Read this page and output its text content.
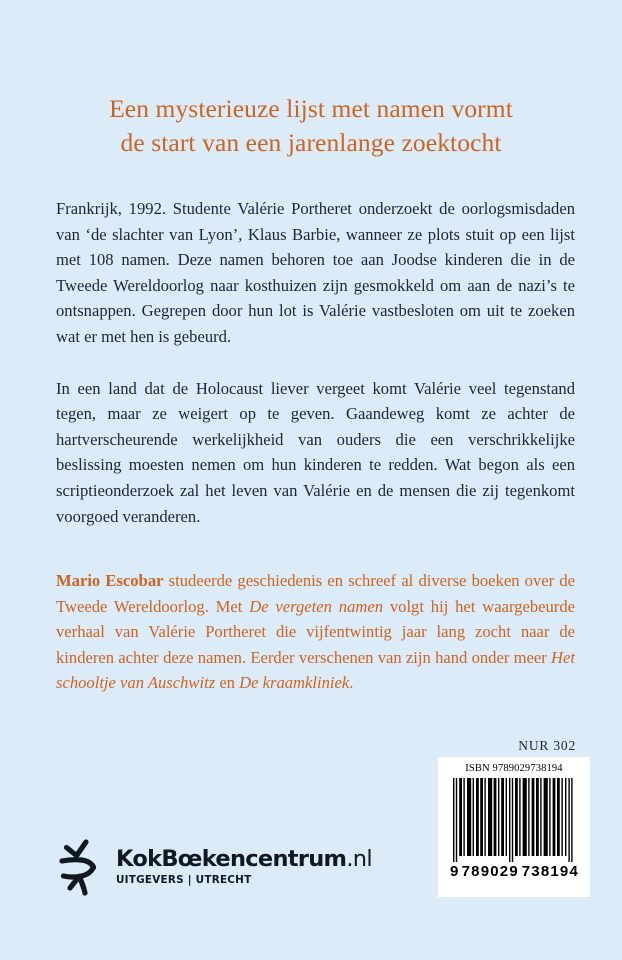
Een mysterieuze lijst met namen vormt
de start van een jarenlange zoektocht

Frankrijk, 1992. Studente Valérie Portheret onderzoekt de oorlogsmisdaden van ‘de slachter van Lyon’, Klaus Barbie, wanneer ze plots stuit op een lijst met 108 namen. Deze namen behoren toe aan Joodse kinderen die in de Tweede Wereldoorlog naar kosthuizen zijn gesmokkeld om aan de nazi’s te ontsnappen. Gegrepen door hun lot is Valérie vastbesloten om uit te zoeken wat er met hen is gebeurd.

In een land dat de Holocaust liever vergeet komt Valérie veel tegenstand tegen, maar ze weigert op te geven. Gaandeweg komt ze achter de hartverscheurende werkelijkheid van ouders die een verschrikkelijke beslissing moesten nemen om hun kinderen te redden. Wat begon als een scriptieonderzoek zal het leven van Valérie en de mensen die zij tegenkomt voorgoed veranderen.

Mario Escobar studeerde geschiedenis en schreef al diverse boeken over de Tweede Wereldoorlog. Met De vergeten namen volgt hij het waargebeurde verhaal van Valérie Portheret die vijfentwintig jaar lang zocht naar de kinderen achter deze namen. Eerder verschenen van zijn hand onder meer Het schooltje van Auschwitz en De kraamkliniek.

NUR 302
ISBN 9789029738194
9 789029 738194
KokBœkencentrum.nl
UITGEVERS | UTRECHT
